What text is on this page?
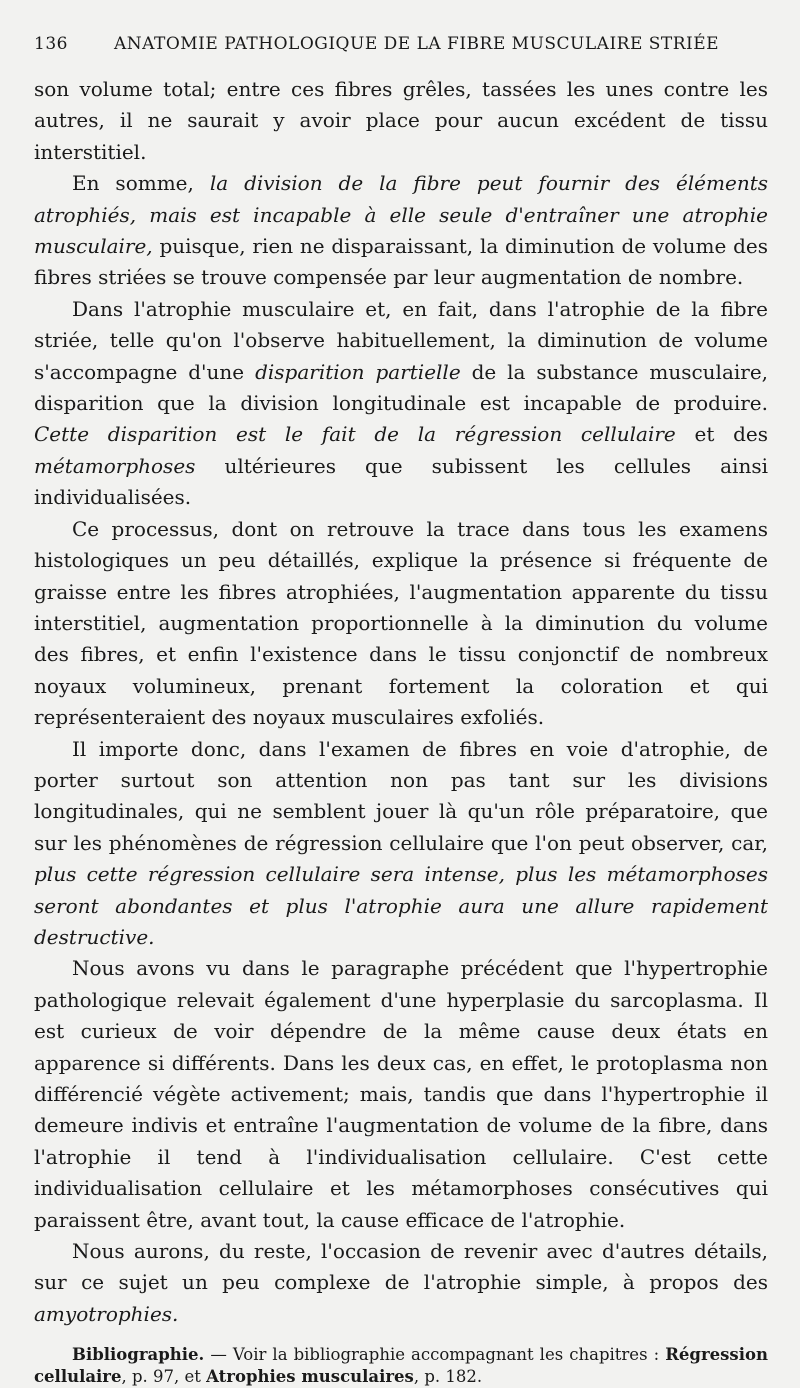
136	ANATOMIE PATHOLOGIQUE DE LA FIBRE MUSCULAIRE STRIÉE

son volume total; entre ces fibres grêles, tassées les unes contre les autres, il ne saurait y avoir place pour aucun excédent de tissu interstitiel.

En somme, la division de la fibre peut fournir des éléments atrophiés, mais est incapable à elle seule d'entraîner une atrophie musculaire, puisque, rien ne disparaissant, la diminution de volume des fibres striées se trouve compensée par leur augmentation de nombre.

Dans l'atrophie musculaire et, en fait, dans l'atrophie de la fibre striée, telle qu'on l'observe habituellement, la diminution de volume s'accompagne d'une disparition partielle de la substance musculaire, disparition que la division longitudinale est incapable de produire. Cette disparition est le fait de la régression cellulaire et des métamorphoses ultérieures que subissent les cellules ainsi individualisées.

Ce processus, dont on retrouve la trace dans tous les examens histologiques un peu détaillés, explique la présence si fréquente de graisse entre les fibres atrophiées, l'augmentation apparente du tissu interstitiel, augmentation proportionnelle à la diminution du volume des fibres, et enfin l'existence dans le tissu conjonctif de nombreux noyaux volumineux, prenant fortement la coloration et qui représenteraient des noyaux musculaires exfoliés.

Il importe donc, dans l'examen de fibres en voie d'atrophie, de porter surtout son attention non pas tant sur les divisions longitudinales, qui ne semblent jouer là qu'un rôle préparatoire, que sur les phénomènes de régression cellulaire que l'on peut observer, car, plus cette régression cellulaire sera intense, plus les métamorphoses seront abondantes et plus l'atrophie aura une allure rapidement destructive.

Nous avons vu dans le paragraphe précédent que l'hypertrophie pathologique relevait également d'une hyperplasie du sarcoplasma. Il est curieux de voir dépendre de la même cause deux états en apparence si différents. Dans les deux cas, en effet, le protoplasma non différencié végète activement; mais, tandis que dans l'hypertrophie il demeure indivis et entraîne l'augmentation de volume de la fibre, dans l'atrophie il tend à l'individualisation cellulaire. C'est cette individualisation cellulaire et les métamorphoses consécutives qui paraissent être, avant tout, la cause efficace de l'atrophie.

Nous aurons, du reste, l'occasion de revenir avec d'autres détails, sur ce sujet un peu complexe de l'atrophie simple, à propos des amyotrophies.

Bibliographie. — Voir la bibliographie accompagnant les chapitres : Régression cellulaire, p. 97, et Atrophies musculaires, p. 182.
